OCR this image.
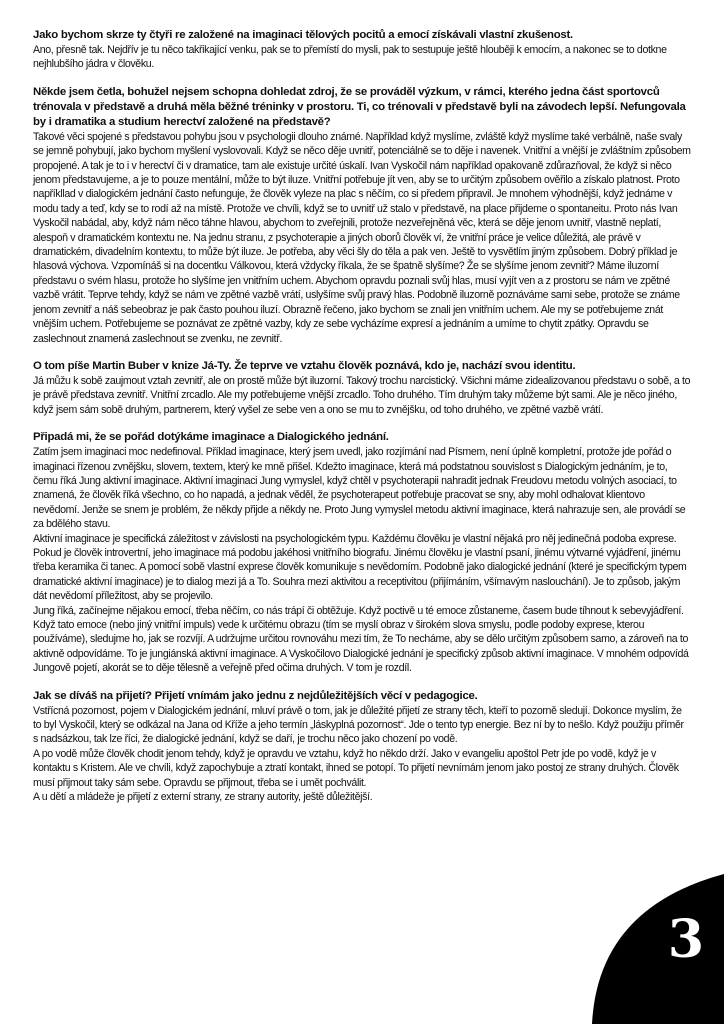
3

Jako bychom skrze ty čtyři re založené na imaginaci tělových pocitů a emocí získávali vlastní zkušenost.

Ano, přesně tak. Nejdřív je tu něco takřikající venku, pak se to přemístí do mysli, pak to sestupuje ještě hlouběji k emocím, a nakonec se to dotkne nejhlubšího jádra v člověku.

Někde jsem četla, bohužel nejsem schopna dohledat zdroj, že se prováděl výzkum, v rámci, kterého jedna část sportovců trénovala v představě a druhá měla běžné tréninky v prostoru. Ti, co trénovali v představě byli na závodech lepší. Nefungovala by i dramatika a studium herectví založené na představě?

Takové věci spojené s představou pohybu jsou v psychologii dlouho známé. Například když myslíme, zvláště když myslíme také verbálně, naše svaly se jemně pohybují, jako bychom myšlení vyslovovali. Když se něco děje uvnitř, potenciálně se to děje i navenek. Vnitřní a vnější je zvláštním způsobem propojené. A tak je to i v herectví či v dramatice, tam ale existuje určité úskalí. Ivan Vyskočil nám například opakovaně zdůrazňoval, že když si něco jenom představujeme, a je to pouze mentální, může to být iluze. Vnitřní potřebuje jít ven, aby se to určitým způsobem ověřilo a získalo platnost. Proto napříkllad v dialogickém jednání často nefunguje, že člověk vyleze na plac s něčím, co si předem připravil. Je mnohem výhodnější, když jednáme v modu tady a teď, kdy se to rodí až na místě. Protože ve chvíli, když se to uvnitř už stalo v představě, na place přijdeme o spontaneitu. Proto nás Ivan Vyskočil nabádal, aby, když nám něco táhne hlavou, abychom to zveřejnili, protože nezveřejněná věc, která se děje jenom uvnitř, vlastně neplatí, alespoň v dramatickém kontextu ne. Na jednu stranu, z psychoterapie a jiných oborů člověk ví, že vnitřní práce je velice důležitá, ale právě v dramatickém, divadelním kontextu, to může být iluze. Je potřeba, aby věci šly do těla a pak ven. Ještě to vysvětlím jiným způsobem. Dobrý příklad je hlasová výchova. Vzpomínáš si na docentku Válkovou, která vždycky říkala, že se špatně slyšíme? Že se slyšíme jenom zevnitř? Máme iluzorní představu o svém hlasu, protože ho slyšíme jen vnitřním uchem. Abychom opravdu poznali svůj hlas, musí vyjít ven a z prostoru se nám ve zpětné vazbě vrátit. Teprve tehdy, když se nám ve zpětné vazbě vrátí, uslyšíme svůj pravý hlas. Podobně iluzorně poznáváme sami sebe, protože se známe jenom zevnitř a náš sebeobraz je pak často pouhou iluzí. Obrazně řečeno, jako bychom se znali jen vnitřním uchem. Ale my se potřebujeme znát vnějším uchem. Potřebujeme se poznávat ze zpětné vazby, kdy ze sebe vycházíme expresí a jednáním a umíme to chytit zpátky. Opravdu se zaslechnout znamená zaslechnout se zvenku, ne zevnitř.

O tom píše Martin Buber v knize Já-Ty. Že teprve ve vztahu člověk poznává, kdo je, nachází svou identitu.

Já můžu k sobě zaujmout vztah zevnitř, ale on prostě může být iluzorní. Takový trochu narcistický. Všichni máme zidealizovanou představu o sobě, a to je právě představa zevnitř. Vnitřní zrcadlo. Ale my potřebujeme vnější zrcadlo. Toho druhého. Tím druhým taky můžeme být sami. Ale je něco jiného, když jsem sám sobě druhým, partnerem, který vyšel ze sebe ven a ono se mu to zvnějšku, od toho druhého, ve zpětné vazbě vrátí.

Připadá mi, že se pořád dotýkáme imaginace a Dialogického jednání.

Zatím jsem imaginaci moc nedefinoval. Příklad imaginace, který jsem uvedl, jako rozjímání nad Písmem, není úplně kompletní, protože jde pořád o imaginaci řízenou zvnějšku, slovem, textem, který ke mně přišel. Kdežto imaginace, která má podstatnou souvislost s Dialogickým jednáním, je to, čemu říká Jung aktivní imaginace. Aktivní imaginaci Jung vymyslel, když chtěl v psychoterapii nahradit jednak Freudovu metodu volných asociací, to znamená, že člověk říká všechno, co ho napadá, a jednak věděl, že psychoterapeut potřebuje pracovat se sny, aby mohl odhalovat klientovo nevědomí. Jenže se snem je problém, že někdy přijde a někdy ne. Proto Jung vymyslel metodu aktivní imaginace, která nahrazuje sen, ale provádí se za bdělého stavu.

Aktivní imaginace je specifická záležitost v závislosti na psychologickém typu. Každému člověku je vlastní nějaká pro něj jedinečná podoba exprese. Pokud je člověk introvertní, jeho imaginace má podobu jakéhosi vnitřního biografu. Jinému člověku je vlastní psaní, jinému výtvarné vyjádření, jinému třeba keramika či tanec. A pomocí sobě vlastní exprese člověk komunikuje s nevědomím. Podobně jako dialogické jednání (které je specifickým typem dramatické aktivní imaginace) je to dialog mezi já a To. Souhra mezi aktivitou a receptivitou (přijímáním, všímavým naslouchání). Je to způsob, jakým dát nevědomí příležitost, aby se projevilo.

Jung říká, začínejme nějakou emocí, třeba něčím, co nás trápí či obtěžuje. Když poctivě u té emoce zůstaneme, časem bude tíhnout k sebevyjádření. Když tato emoce (nebo jiný vnitřní impuls) vede k určitému obrazu (tím se myslí obraz v širokém slova smyslu, podle podoby exprese, kterou používáme), sledujme ho, jak se rozvíjí. A udržujme určitou rovnováhu mezi tím, že To necháme, aby se dělo určitým způsobem samo, a zároveň na to aktivně odpovídáme. To je jungiánská aktivní imaginace. A Vyskočilovo Dialogické jednání je specifický způsob aktivní imaginace. V mnohém odpovídá Jungově pojetí, akorát se to děje tělesně a veřejně před očima druhých. V tom je rozdíl.

Jak se díváš na přijetí? Přijetí vnímám jako jednu z nejdůležitějších věcí v pedagogice.

Vstřícná pozornost, pojem v Dialogickém jednání, mluví právě o tom, jak je důležité přijetí ze strany těch, kteří to pozorně sledují. Dokonce myslím, že to byl Vyskočil, který se odkázal na Jana od Kříže a jeho termín „láskyplná pozornost“. Jde o tento typ energie. Bez ní by to nešlo. Když použiju příměr s nadsázkou, tak lze říci, že dialogické jednání, když se daří, je trochu něco jako chození po vodě.

A po vodě může člověk chodit jenom tehdy, když je opravdu ve vztahu, když ho někdo drží. Jako v evangeliu apoštol Petr jde po vodě, když je v kontaktu s Kristem. Ale ve chvíli, když zapochybuje a ztratí kontakt, ihned se potopí. To přijetí nevnímám jenom jako postoj ze strany druhých. Člověk musí přijmout taky sám sebe. Opravdu se přijmout, třeba se i umět pochválit.

A u dětí a mládeže je přijetí z externí strany, ze strany autority, ještě důležitější.
